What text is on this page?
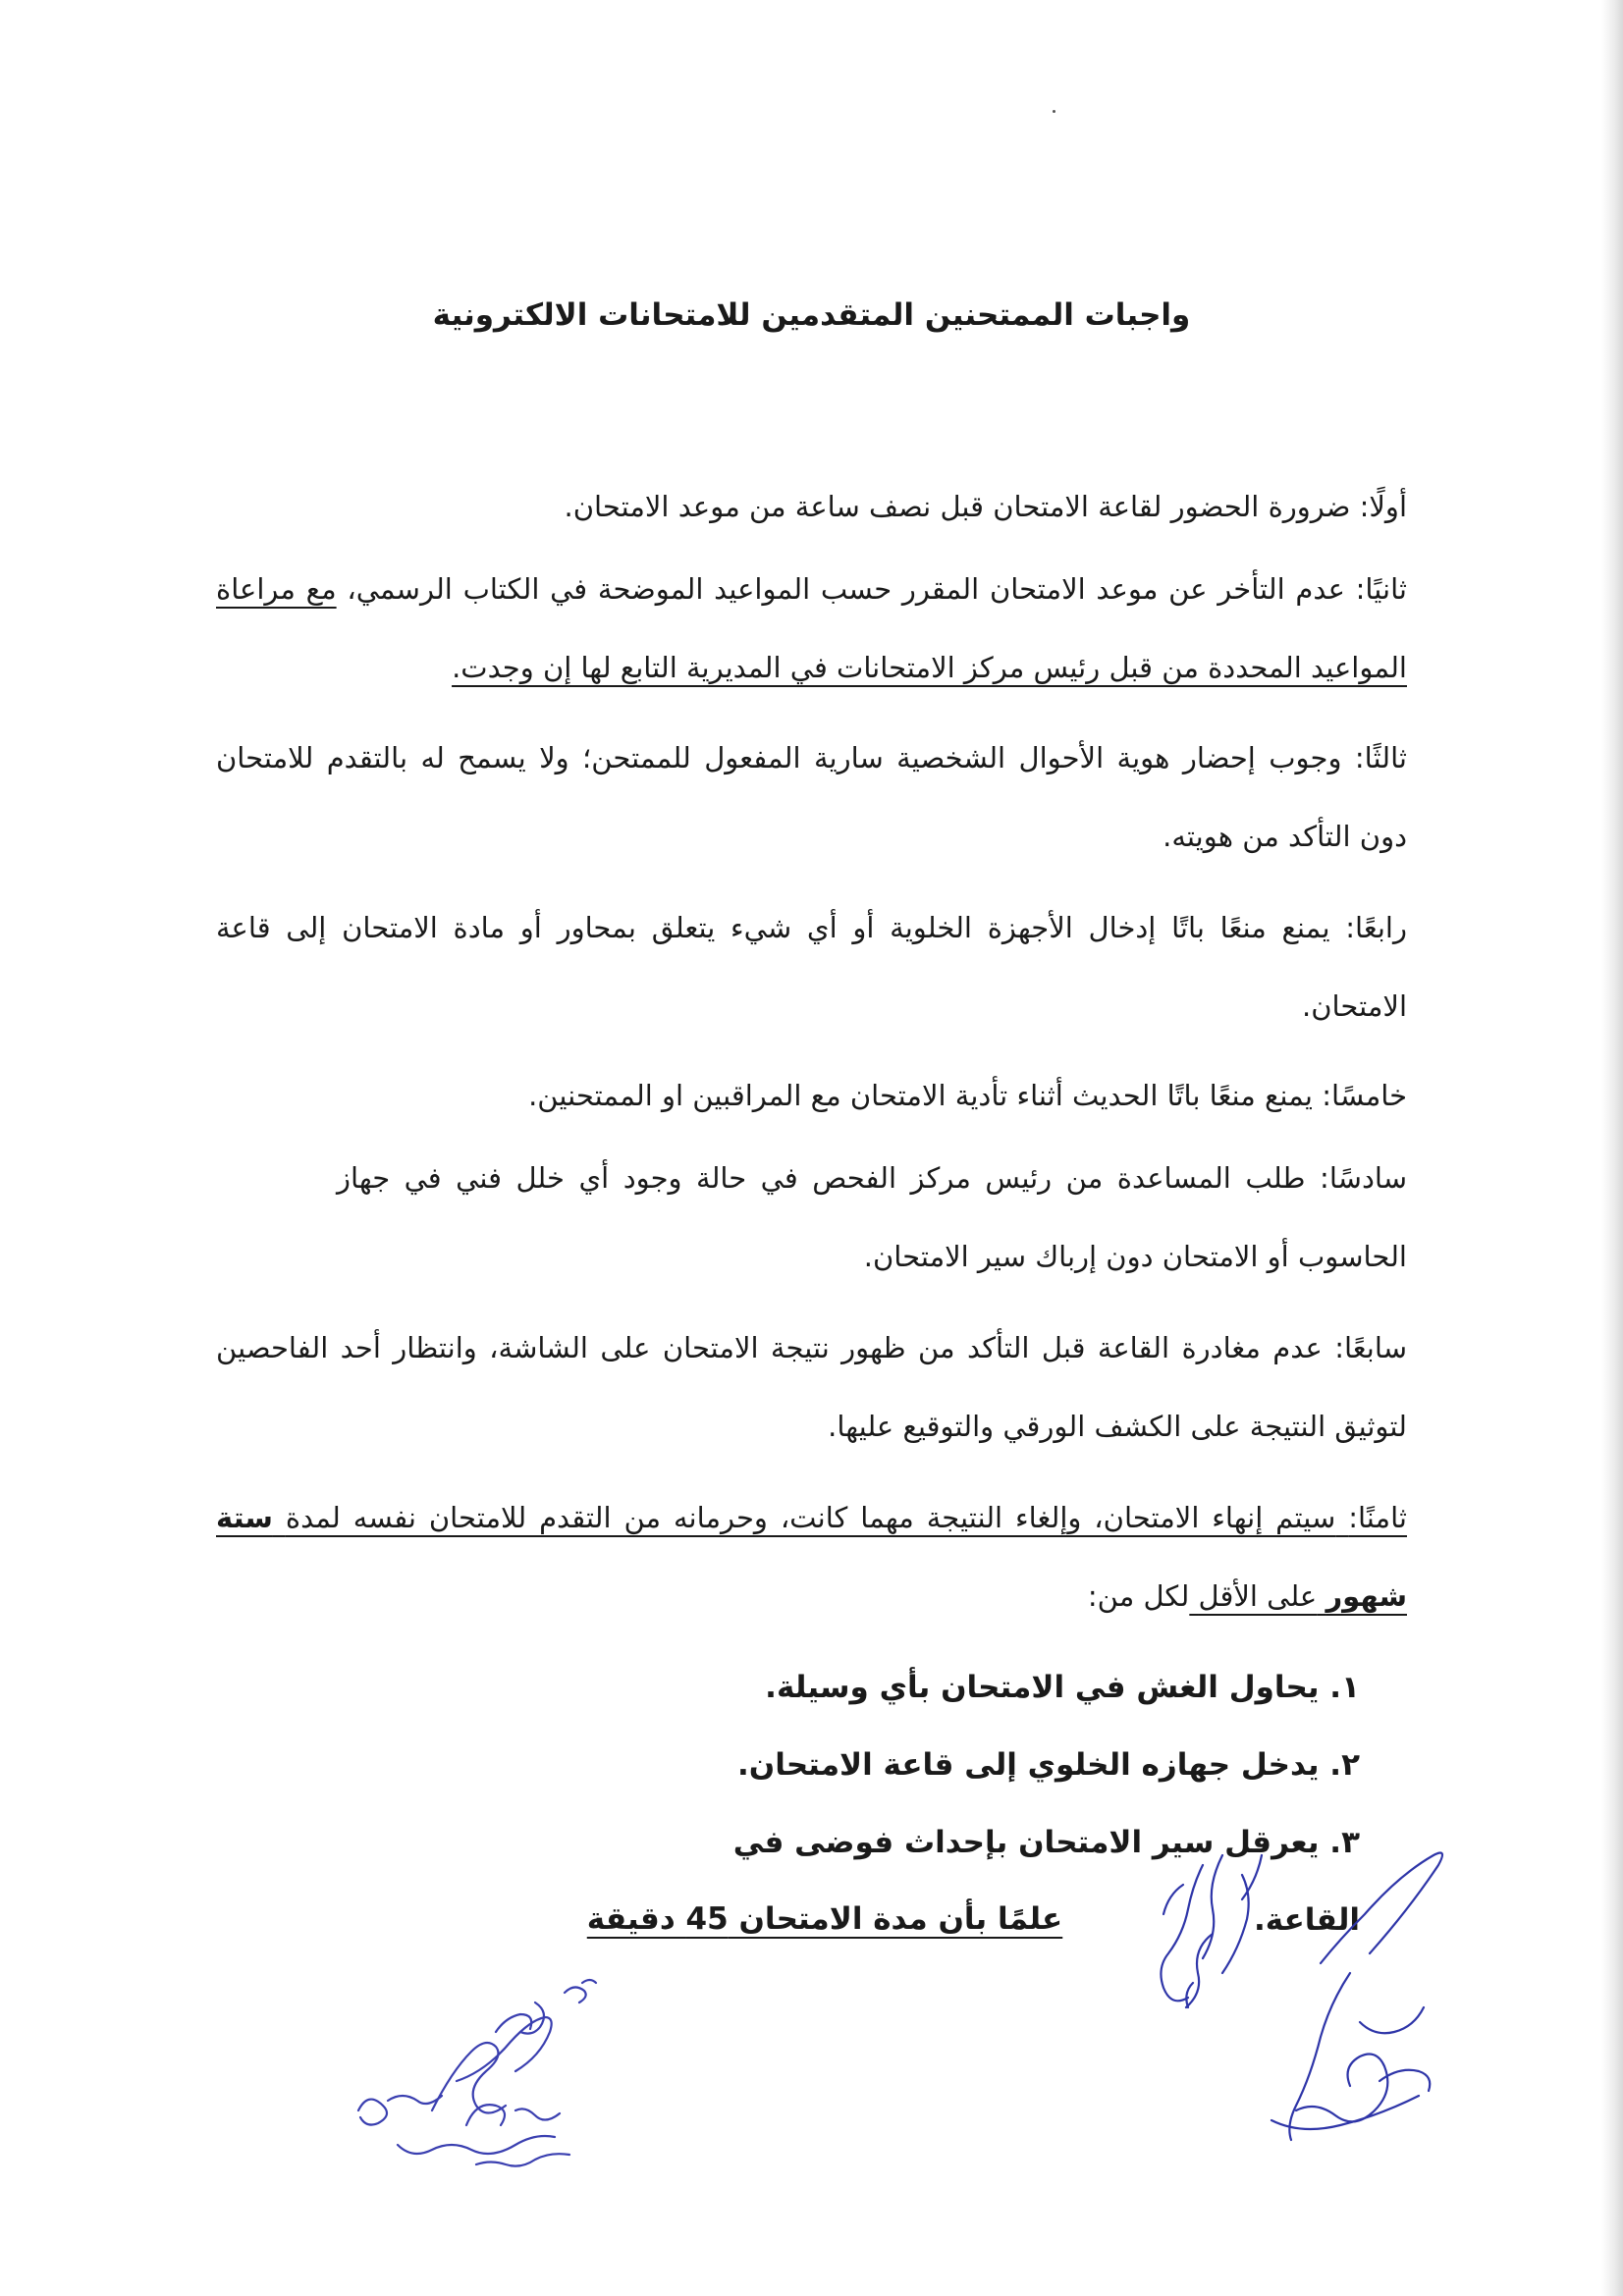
واجبات الممتحنين المتقدمين للامتحانات الالكترونية

أولًا: ضرورة الحضور لقاعة الامتحان قبل نصف ساعة من موعد الامتحان.

ثانيًا: عدم التأخر عن موعد الامتحان المقرر حسب المواعيد الموضحة في الكتاب الرسمي، مع مراعاة المواعيد المحددة من قبل رئيس مركز الامتحانات في المديرية التابع لها إن وجدت.

ثالثًا: وجوب إحضار هوية الأحوال الشخصية سارية المفعول للممتحن؛ ولا يسمح له بالتقدم للامتحان دون التأكد من هويته.

رابعًا: يمنع منعًا باتًا إدخال الأجهزة الخلوية أو أي شيء يتعلق بمحاور أو مادة الامتحان إلى قاعة الامتحان.

خامسًا: يمنع منعًا باتًا الحديث أثناء تأدية الامتحان مع المراقبين او الممتحنين.

سادسًا: طلب المساعدة من رئيس مركز الفحص في حالة وجود أي خلل فني في جهاز الحاسوب أو الامتحان دون إرباك سير الامتحان.

سابعًا: عدم مغادرة القاعة قبل التأكد من ظهور نتيجة الامتحان على الشاشة، وانتظار أحد الفاحصين لتوثيق النتيجة على الكشف الورقي والتوقيع عليها.

ثامنًا: سيتم إنهاء الامتحان، وإلغاء النتيجة مهما كانت، وحرمانه من التقدم للامتحان نفسه لمدة ستة شهور على الأقل لكل من:

١. يحاول الغش في الامتحان بأي وسيلة.
٢. يدخل جهازه الخلوي إلى قاعة الامتحان.
٣. يعرقل سير الامتحان بإحداث فوضى في القاعة.

علمًا بأن مدة الامتحان 45 دقيقة
